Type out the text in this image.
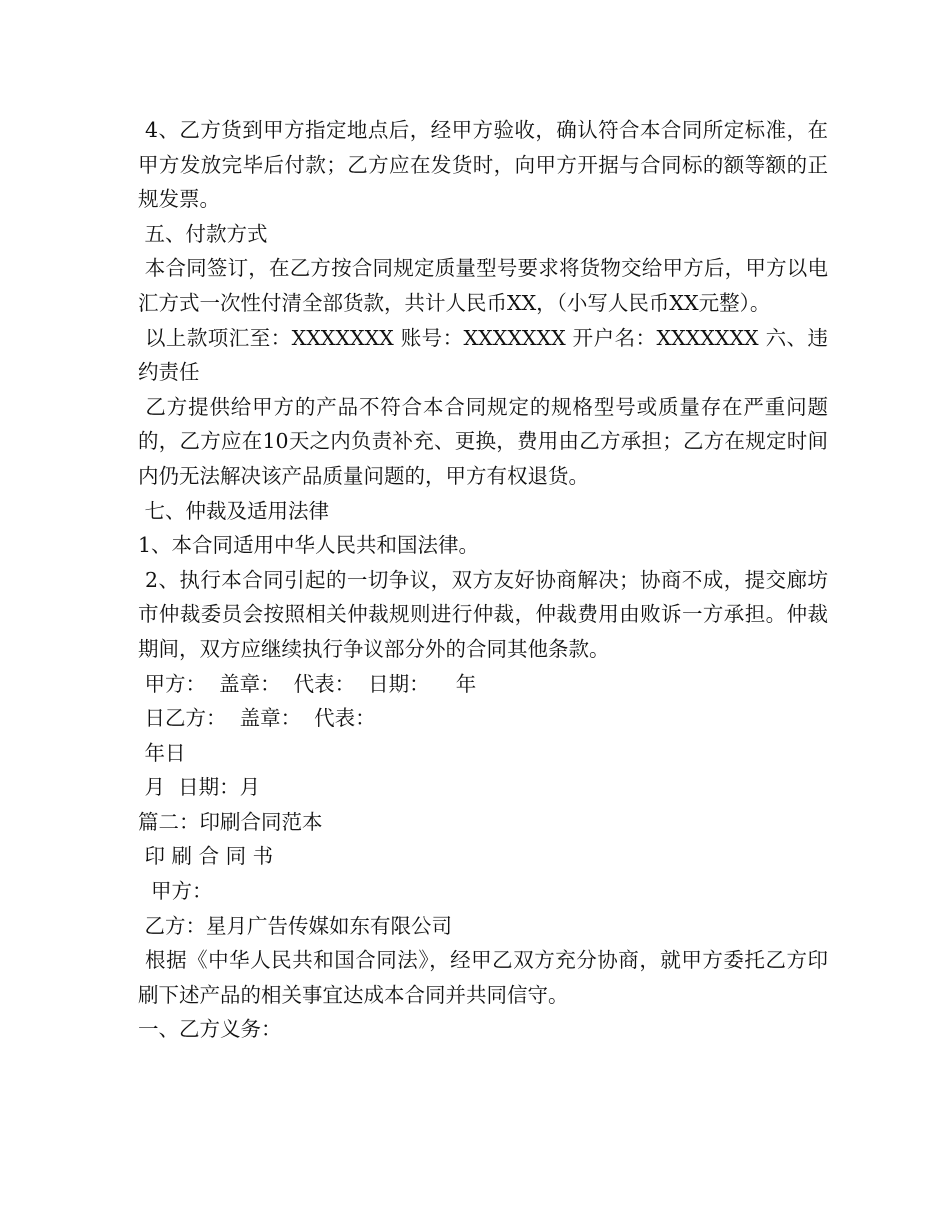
4、乙方货到甲方指定地点后，经甲方验收，确认符合本合同所定标准，在甲方发放完毕后付款；乙方应在发货时，向甲方开据与合同标的额等额的正规发票。

五、付款方式

本合同签订，在乙方按合同规定质量型号要求将货物交给甲方后，甲方以电汇方式一次性付清全部货款，共计人民币XX，（小写人民币XX元整）。

以上款项汇至：XXXXXXX 账号：XXXXXXX 开户名：XXXXXXX 六、违约责任

乙方提供给甲方的产品不符合本合同规定的规格型号或质量存在严重问题的，乙方应在10天之内负责补充、更换，费用由乙方承担；乙方在规定时间内仍无法解决该产品质量问题的，甲方有权退货。

七、仲裁及适用法律

1、本合同适用中华人民共和国法律。

2、执行本合同引起的一切争议，双方友好协商解决；协商不成，提交廊坊市仲裁委员会按照相关仲裁规则进行仲裁，仲裁费用由败诉一方承担。仲裁期间，双方应继续执行争议部分外的合同其他条款。

甲方：  盖章：  代表：  日期：    年

日乙方：  盖章：  代表：

年日

月  日期：月

篇二：印刷合同范本

印 刷 合 同 书

甲方：

乙方：星月广告传媒如东有限公司

根据《中华人民共和国合同法》，经甲乙双方充分协商，就甲方委托乙方印刷下述产品的相关事宜达成本合同并共同信守。

一、乙方义务：
